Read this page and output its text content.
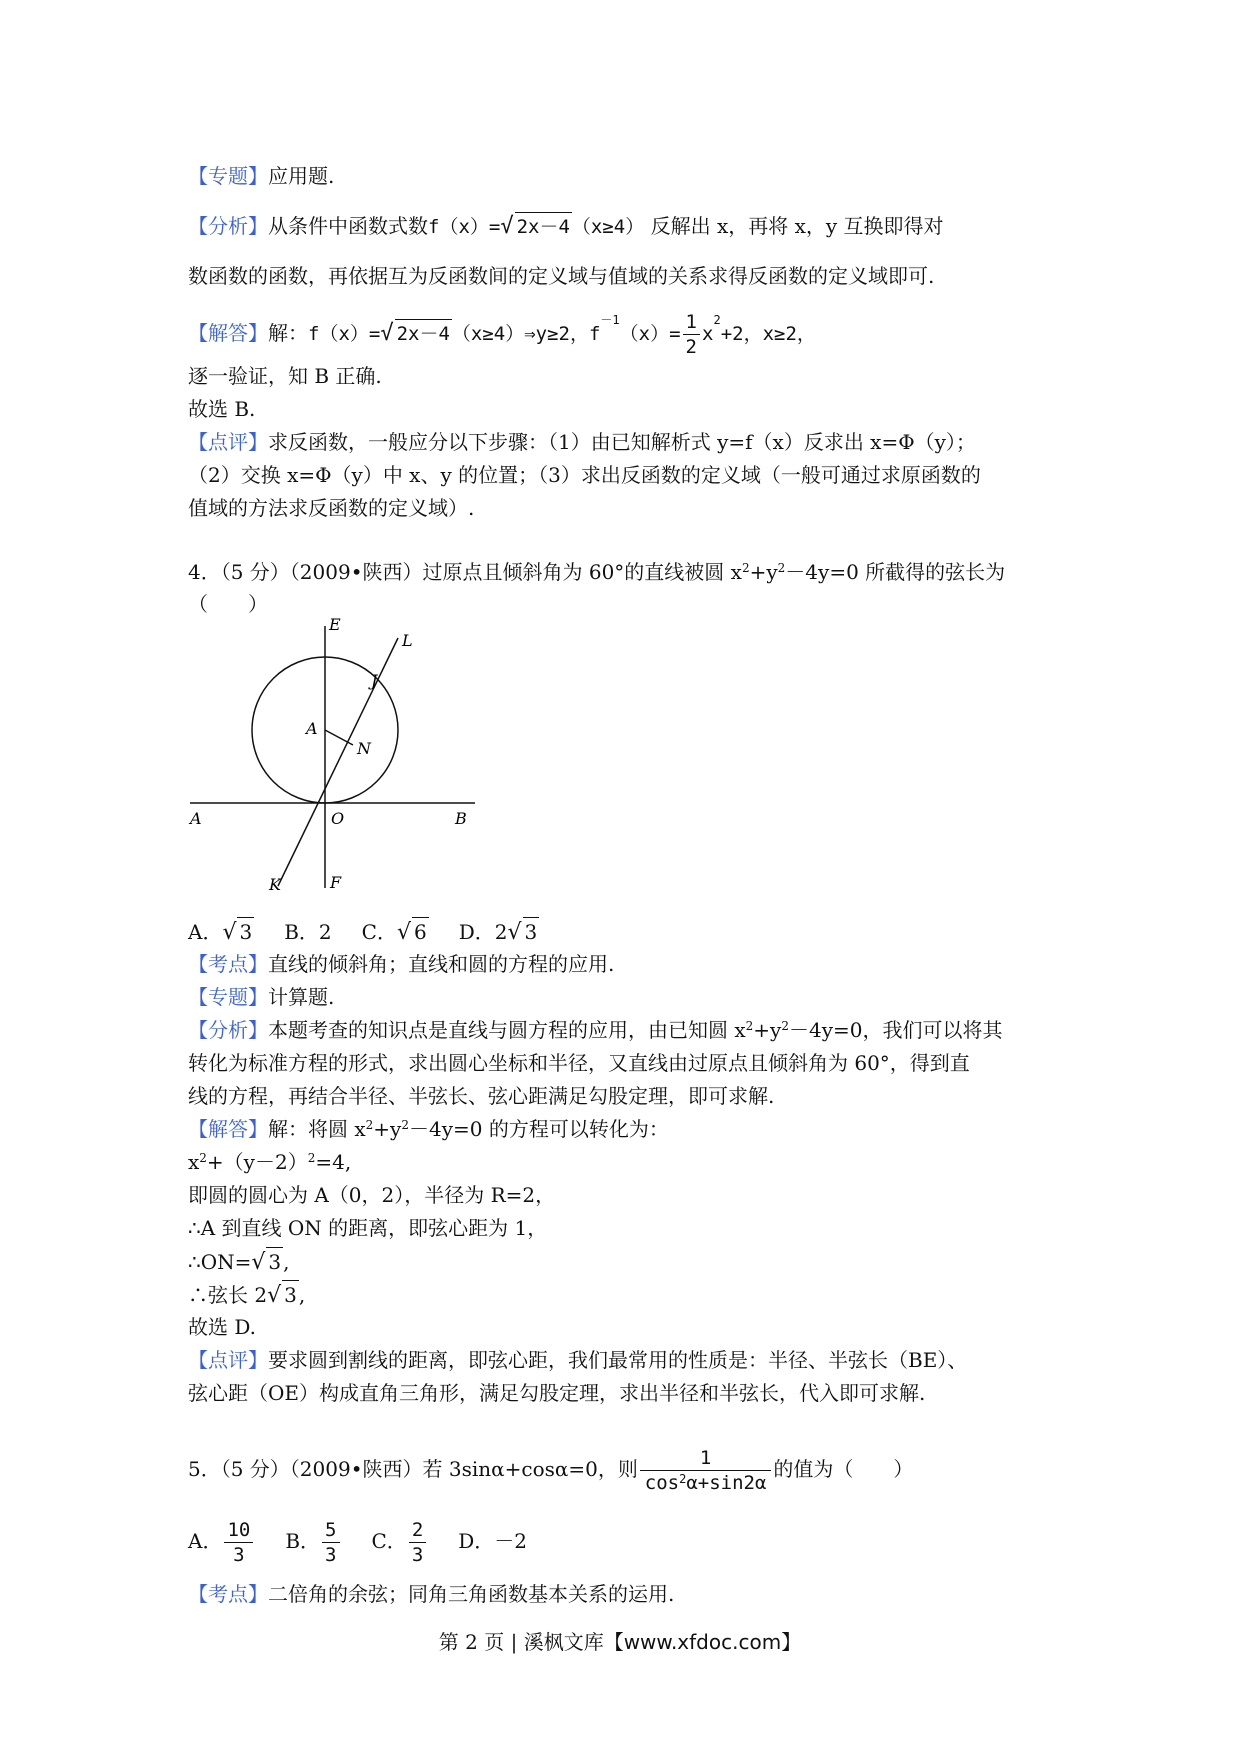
【专题】应用题.
【分析】从条件中函数式数f（x）=√ 2x－4 （x≥4） 反解出 x，再将 x，y 互换即得对
数函数的函数，再依据互为反函数间的定义域与值域的关系求得反函数的定义域即可.
【解答】解：f（x）=√ 2x－4 （x≥4）⇒y≥2，$f^{-1}(x)= \frac{1}{2} x^2+2$，x≥2，
逐一验证，知 B 正确.
故选 B.
【点评】求反函数，一般应分以下步骤：（1）由已知解析式 y=f（x）反求出 x=Φ（y）；
（2）交换 x=Φ（y）中 x、y 的位置；（3）求出反函数的定义域（一般可通过求原函数的
值域的方法求反函数的定义域）.
4．（5 分）（2009•陕西）过原点且倾斜角为 60°的直线被圆 $x^2+y^2-4y=0$ 所截得的弦长为
（　　）
E
L
J
A
N
A	O	B
K	F
A．√ 3 B．2 C．√ 6 D．2√ 3
【考点】直线的倾斜角；直线和圆的方程的应用.
【专题】计算题.
【分析】本题考查的知识点是直线与圆方程的应用，由已知圆 $x^2+y^2-4y=0$，我们可以将其
转化为标准方程的形式，求出圆心坐标和半径，又直线由过原点且倾斜角为 60°，得到直
线的方程，再结合半径、半弦长、弦心距满足勾股定理，即可求解.
【解答】解：将圆 $x^2+y^2-4y=0$ 的方程可以转化为：
$x^2+(y-2)^2=4$,
即圆的圆心为 A（0，2），半径为 R=2，
∴A 到直线 ON 的距离，即弦心距为 1，
∴ON=√ 3 ,
∴弦长 2√ 3 ,
故选 D.
【点评】要求圆到割线的距离，即弦心距，我们最常用的性质是：半径、半弦长（BE）、
弦心距（OE）构成直角三角形，满足勾股定理，求出半径和半弦长，代入即可求解.
5．（5 分）（2009•陕西）若 3sinα+cosα=0，则 $\frac{1}{\cos^2\alpha+\sin 2\alpha}$ 的值为（　　）
A． $\frac{10}{3}$ B． $\frac{5}{3}$ C． $\frac{2}{3}$ D．－2
【考点】二倍角的余弦；同角三角函数基本关系的运用.
第 2 页 | 溪枫文库【www.xfdoc.com】
